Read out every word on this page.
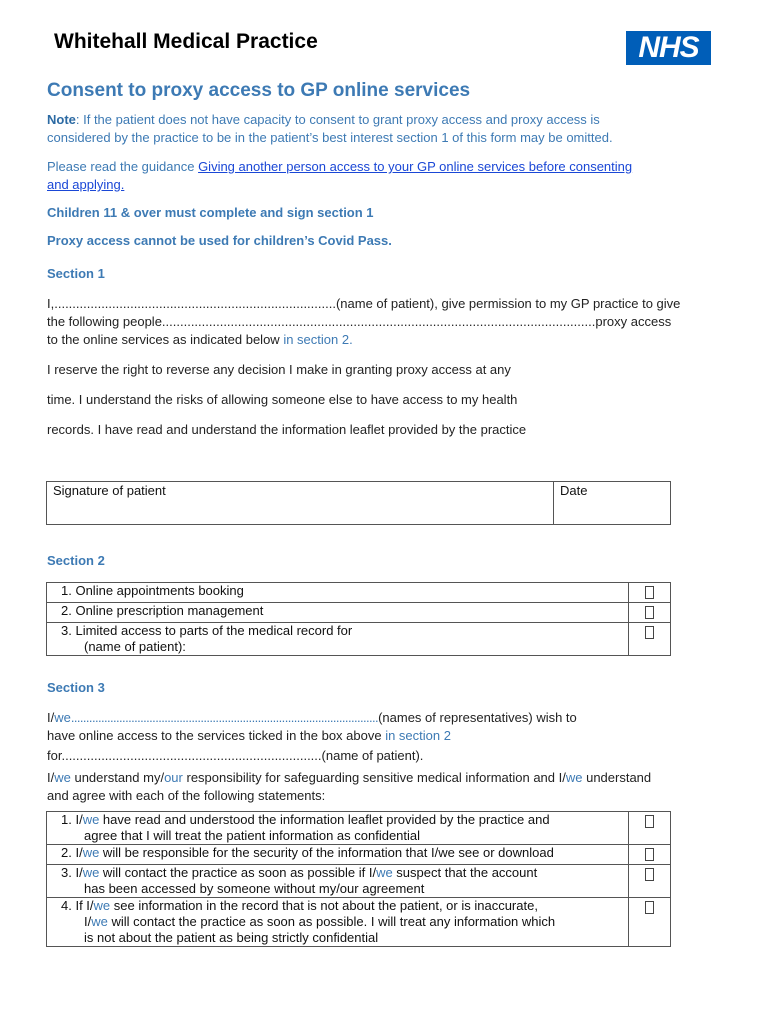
Whitehall Medical Practice	NHS
Consent to proxy access to GP online services
Note: If the patient does not have capacity to consent to grant proxy access and proxy access is
considered by the practice to be in the patient’s best interest section 1 of this form may be omitted.
Please read the guidance Giving another person access to your GP online services before consenting
and applying.
Children 11 & over must complete and sign section 1
Proxy access cannot be used for children’s Covid Pass.
Section 1
I,..............................................................................(name of patient), give permission to my GP practice to give
the following people........................................................................................................................proxy access
to the online services as indicated below in section 2.
I reserve the right to reverse any decision I make in granting proxy access at any
time. I understand the risks of allowing someone else to have access to my health
records. I have read and understand the information leaflet provided by the practice
Signature of patient	Date
Section 2
1. Online appointments booking	
2. Online prescription management	
3. Limited access to parts of the medical record for
(name of patient):	
Section 3
I/we......................................................................................................(names of representatives) wish to
have online access to the services ticked in the box above in section 2
for........................................................................(name of patient).
I/we understand my/our responsibility for safeguarding sensitive medical information and I/we understand
and agree with each of the following statements:
1. I/we have read and understood the information leaflet provided by the practice and
agree that I will treat the patient information as confidential	
2. I/we will be responsible for the security of the information that I/we see or download	
3. I/we will contact the practice as soon as possible if I/we suspect that the account
has been accessed by someone without my/our agreement	
4. If I/we see information in the record that is not about the patient, or is inaccurate,
I/we will contact the practice as soon as possible. I will treat any information which
is not about the patient as being strictly confidential	
